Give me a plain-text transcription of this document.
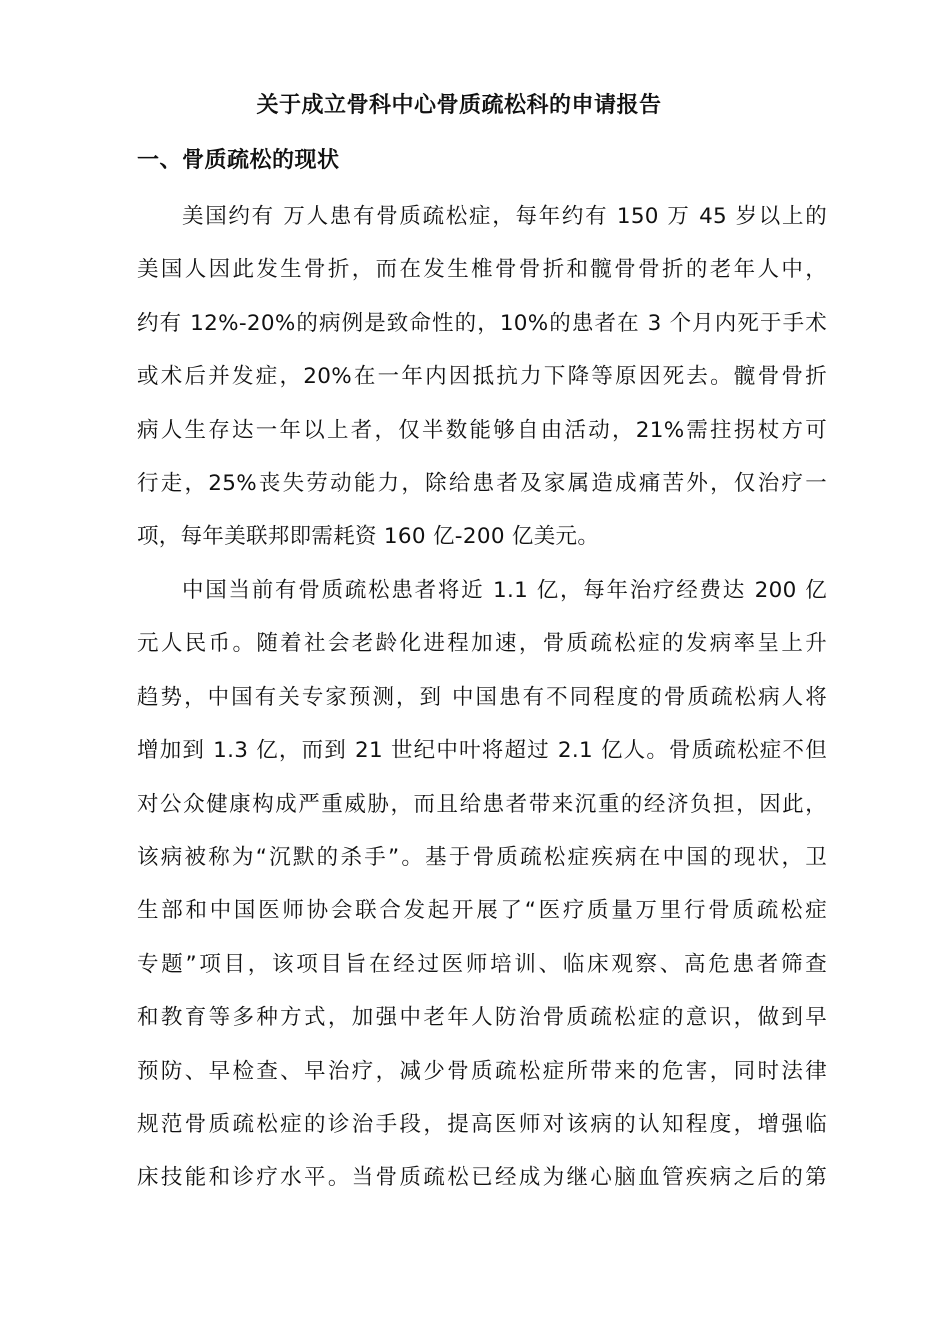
关于成立骨科中心骨质疏松科的申请报告
一、骨质疏松的现状
美国约有 万人患有骨质疏松症，每年约有 150 万 45 岁以上的
美国人因此发生骨折，而在发生椎骨骨折和髋骨骨折的老年人中，
约有 12%-20%的病例是致命性的，10%的患者在 3 个月内死于手术
或术后并发症，20%在一年内因抵抗力下降等原因死去。髋骨骨折
病人生存达一年以上者，仅半数能够自由活动，21%需拄拐杖方可
行走，25%丧失劳动能力，除给患者及家属造成痛苦外，仅治疗一
项，每年美联邦即需耗资 160 亿-200 亿美元。
中国当前有骨质疏松患者将近 1.1 亿，每年治疗经费达 200 亿
元人民币。随着社会老龄化进程加速，骨质疏松症的发病率呈上升
趋势，中国有关专家预测，到 中国患有不同程度的骨质疏松病人将
增加到 1.3 亿，而到 21 世纪中叶将超过 2.1 亿人。骨质疏松症不但
对公众健康构成严重威胁，而且给患者带来沉重的经济负担，因此，
该病被称为“沉默的杀手”。基于骨质疏松症疾病在中国的现状，卫
生部和中国医师协会联合发起开展了“医疗质量万里行骨质疏松症
专题”项目，该项目旨在经过医师培训、临床观察、高危患者筛查
和教育等多种方式，加强中老年人防治骨质疏松症的意识，做到早
预防、早检查、早治疗，减少骨质疏松症所带来的危害，同时法律
规范骨质疏松症的诊治手段，提高医师对该病的认知程度，增强临
床技能和诊疗水平。当骨质疏松已经成为继心脑血管疾病之后的第
